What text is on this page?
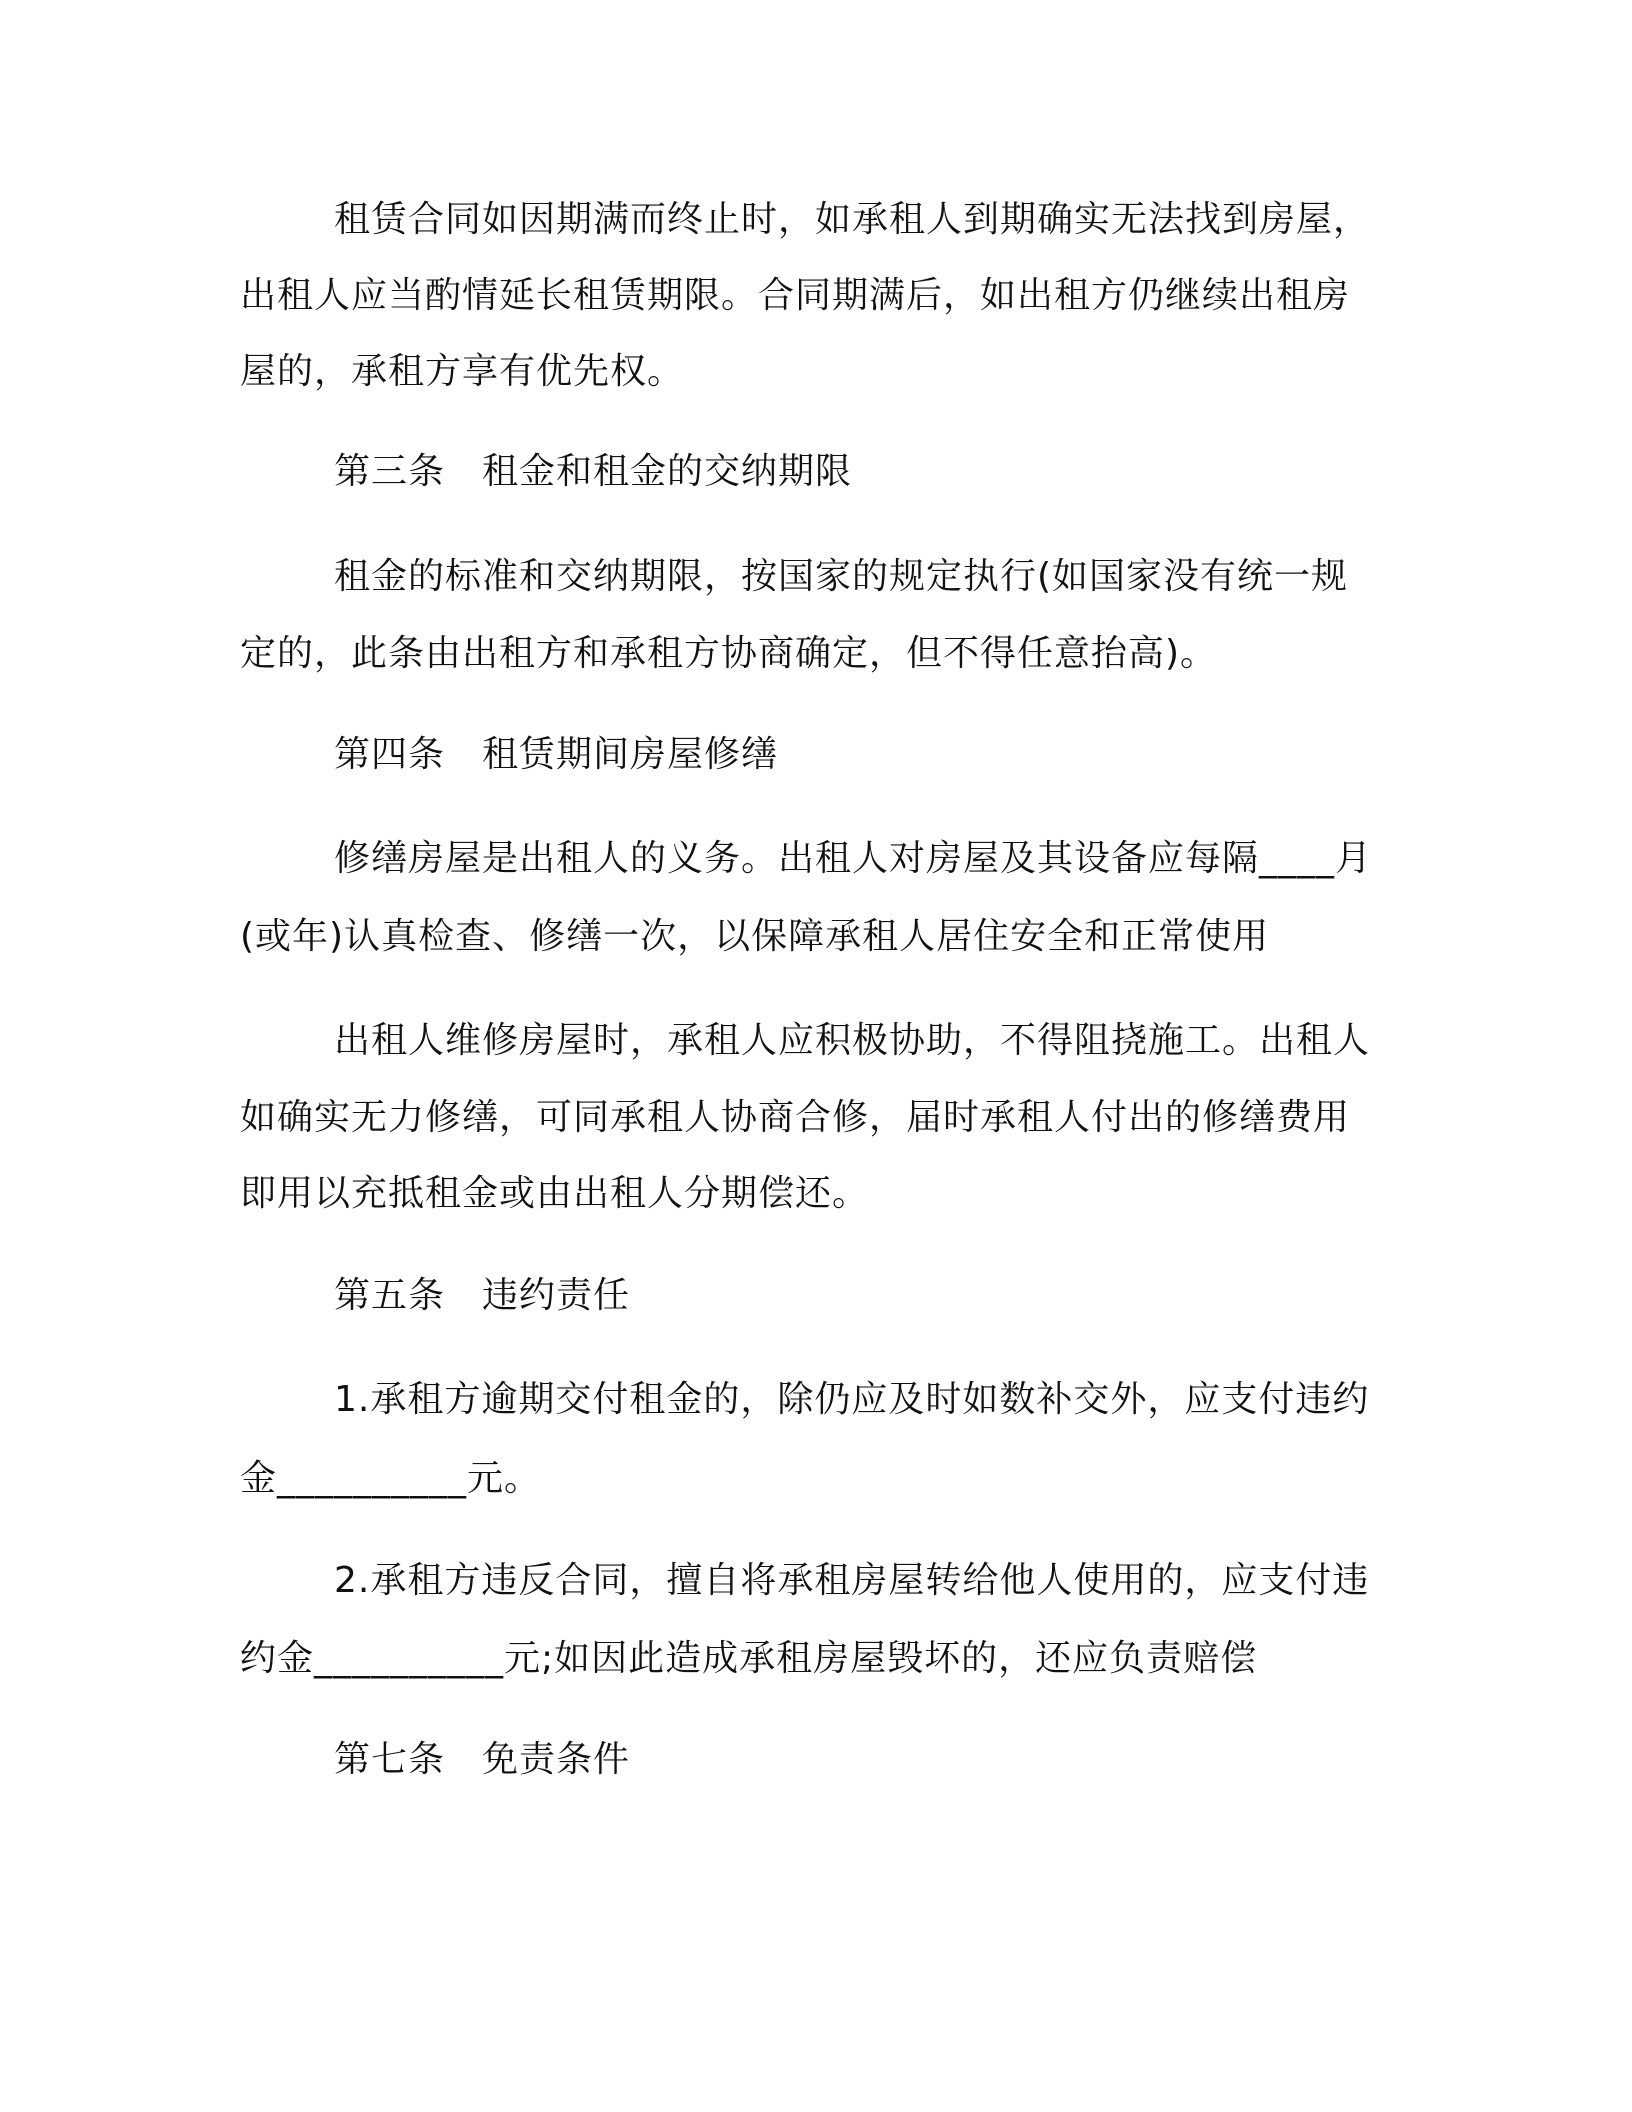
租赁合同如因期满而终止时，如承租人到期确实无法找到房屋，
出租人应当酌情延长租赁期限。合同期满后，如出租方仍继续出租房
屋的，承租方享有优先权。
第三条　租金和租金的交纳期限
租金的标准和交纳期限，按国家的规定执行(如国家没有统一规
定的，此条由出租方和承租方协商确定，但不得任意抬高)。
第四条　租赁期间房屋修缮
修缮房屋是出租人的义务。出租人对房屋及其设备应每隔____月
(或年)认真检查、修缮一次，以保障承租人居住安全和正常使用
出租人维修房屋时，承租人应积极协助，不得阻挠施工。出租人
如确实无力修缮，可同承租人协商合修，届时承租人付出的修缮费用
即用以充抵租金或由出租人分期偿还。
第五条　违约责任
1.承租方逾期交付租金的，除仍应及时如数补交外，应支付违约
金__________元。
2.承租方违反合同，擅自将承租房屋转给他人使用的，应支付违
约金__________元;如因此造成承租房屋毁坏的，还应负责赔偿
第七条　免责条件
